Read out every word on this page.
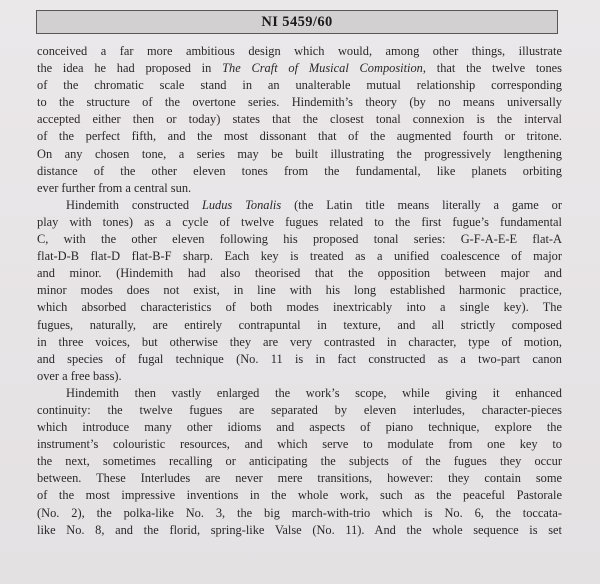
NI 5459/60
conceived a far more ambitious design which would, among other things, illustrate
the idea he had proposed in The Craft of Musical Composition, that the twelve tones
of the chromatic scale stand in an unalterable mutual relationship corresponding
to the structure of the overtone series. Hindemith’s theory (by no means universally
accepted either then or today) states that the closest tonal connexion is the interval
of the perfect fifth, and the most dissonant that of the augmented fourth or tritone.
On any chosen tone, a series may be built illustrating the progressively lengthening
distance of the other eleven tones from the fundamental, like planets orbiting
ever further from a central sun.
Hindemith constructed Ludus Tonalis (the Latin title means literally a game or
play with tones) as a cycle of twelve fugues related to the first fugue’s fundamental
C, with the other eleven following his proposed tonal series: G-F-A-E-E flat-A
flat-D-B flat-D flat-B-F sharp. Each key is treated as a unified coalescence of major
and minor. (Hindemith had also theorised that the opposition between major and
minor modes does not exist, in line with his long established harmonic practice,
which absorbed characteristics of both modes inextricably into a single key). The
fugues, naturally, are entirely contrapuntal in texture, and all strictly composed
in three voices, but otherwise they are very contrasted in character, type of motion,
and species of fugal technique (No. 11 is in fact constructed as a two-part canon
over a free bass).
Hindemith then vastly enlarged the work’s scope, while giving it enhanced
continuity: the twelve fugues are separated by eleven interludes, character-pieces
which introduce many other idioms and aspects of piano technique, explore the
instrument’s colouristic resources, and which serve to modulate from one key to
the next, sometimes recalling or anticipating the subjects of the fugues they occur
between. These Interludes are never mere transitions, however: they contain some
of the most impressive inventions in the whole work, such as the peaceful Pastorale
(No. 2), the polka-like No. 3, the big march-with-trio which is No. 6, the toccata-
like No. 8, and the florid, spring-like Valse (No. 11). And the whole sequence is set
